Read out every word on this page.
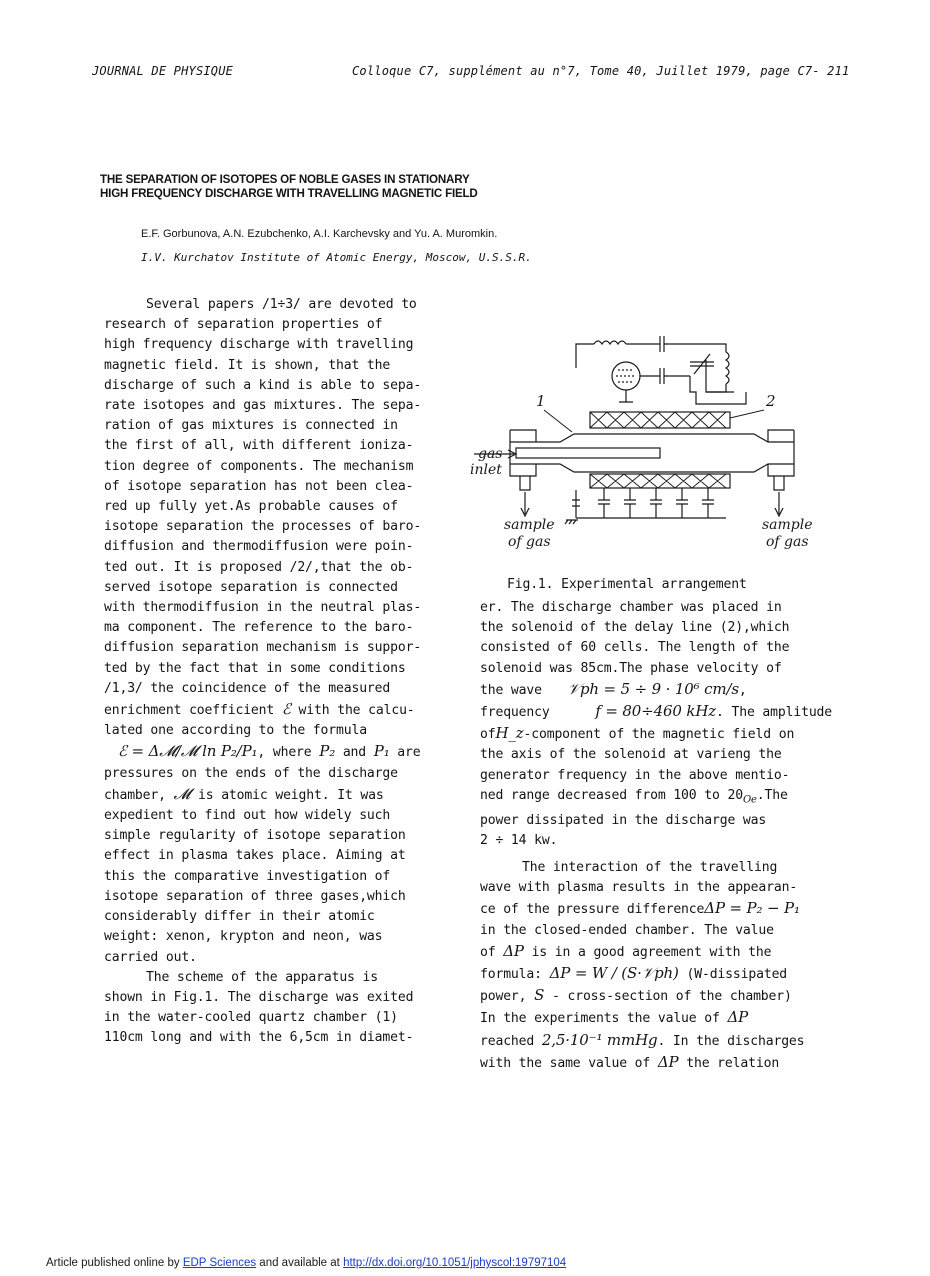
JOURNAL DE PHYSIQUE	Colloque C7, supplément au n°7, Tome 40, Juillet 1979, page C7- 211
THE SEPARATION OF ISOTOPES OF NOBLE GASES IN STATIONARY
HIGH FREQUENCY DISCHARGE WITH TRAVELLING MAGNETIC FIELD
E.F. Gorbunova, A.N. Ezubchenko, A.I. Karchevsky and Yu. A. Muromkin.
I.V. Kurchatov Institute of Atomic Energy, Moscow, U.S.S.R.
Several papers /1÷3/ are devoted to
research of separation properties of
high frequency discharge with travelling
magnetic field. It is shown, that the
discharge of such a kind is able to sepa-
rate isotopes and gas mixtures. The sepa-
ration of gas mixtures is connected in
the first of all, with different ioniza-
tion degree of components. The mechanism
of isotope separation has not been clea-
red up fully yet.As probable causes of
isotope separation the processes of baro-
diffusion and thermodiffusion were poin-
ted out. It is proposed /2/,that the ob-
served isotope separation is connected
with thermodiffusion in the neutral plas-
ma component. The reference to the baro-
diffusion separation mechanism is suppor-
ted by the fact that in some conditions
/1,3/ the coincidence of the measured
enrichment coefficient ℰ with the calcu-
lated one according to the formula
ℰ = Δ𝓜/𝓜 ln P₂/P₁, where P₂ and P₁ are
pressures on the ends of the discharge
chamber, 𝓜 is atomic weight. It was
expedient to find out how widely such
simple regularity of isotope separation
effect in plasma takes place. Aiming at
this the comparative investigation of
isotope separation of three gases,which
considerably differ in their atomic
weight: xenon, krypton and neon, was
carried out.
The scheme of the apparatus is
shown in Fig.1. The discharge was exited
in the water-cooled quartz chamber (1)
110cm long and with the 6,5cm in diamet-
1	2
gas
inlet
sample
of gas
sample
of gas
Fig.1. Experimental arrangement
er. The discharge chamber was placed in
the solenoid of the delay line (2),which
consisted of 60 cells. The length of the
solenoid was 85cm.The phase velocity of
the wave 𝒱ph = 5 ÷ 9 · 10⁶ cm/s,
frequency	𝑓 = 80÷460 kHz. The amplitude
ofH_z-component of the magnetic field on
the axis of the solenoid at varieng the
generator frequency in the above mentio-
ned range decreased from 100 to $20_{Oe}.The$
power dissipated in the discharge was
2 ÷ 14 kw.
The interaction of the travelling
wave with plasma results in the appearan-
ce of the pressure differenceΔP = P₂ − P₁
in the closed-ended chamber. The value
of ΔP is in a good agreement with the
formula: ΔP = W / (S·𝒱ph) (W-dissipated
power, S - cross-section of the chamber)
In the experiments the value of ΔP
reached 2,5·10⁻¹ mmHg. In the discharges
with the same value of ΔP the relation
Article published online by EDP Sciences and available at http://dx.doi.org/10.1051/jphyscol:19797104
